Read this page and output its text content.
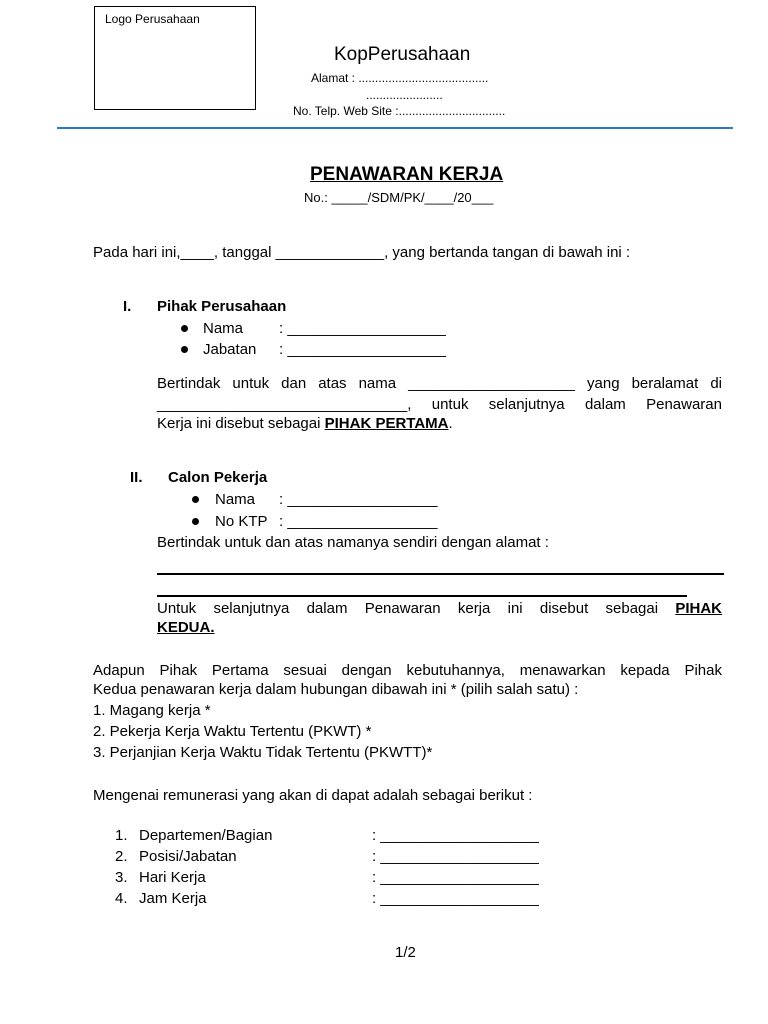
Logo Perusahaan
KopPerusahaan
Alamat : .......................................
.......................
No. Telp. Web Site :................................
PENAWARAN KERJA
No.: _____/SDM/PK/____/20___
Pada hari ini,____, tanggal _____________, yang bertanda tangan di bawah ini :
I. Pihak Perusahaan
Nama : ___________________
Jabatan : ___________________
Bertindak untuk dan atas nama ____________________ yang beralamat di
______________________________, untuk selanjutnya dalam Penawaran
Kerja ini disebut sebagai PIHAK PERTAMA.
II. Calon Pekerja
Nama : __________________
No KTP : __________________
Bertindak untuk dan atas namanya sendiri dengan alamat :
Untuk selanjutnya dalam Penawaran kerja ini disebut sebagai PIHAK
KEDUA.
Adapun Pihak Pertama sesuai dengan kebutuhannya, menawarkan kepada Pihak
Kedua penawaran kerja dalam hubungan dibawah ini * (pilih salah satu) :
1. Magang kerja *
2. Pekerja Kerja Waktu Tertentu (PKWT) *
3. Perjanjian Kerja Waktu Tidak Tertentu (PKWTT)*
Mengenai remunerasi yang akan di dapat adalah sebagai berikut :
1. Departemen/Bagian	: ___________________
2. Posisi/Jabatan	: ___________________
3. Hari Kerja	: ___________________
4. Jam Kerja	: ___________________
1/2
